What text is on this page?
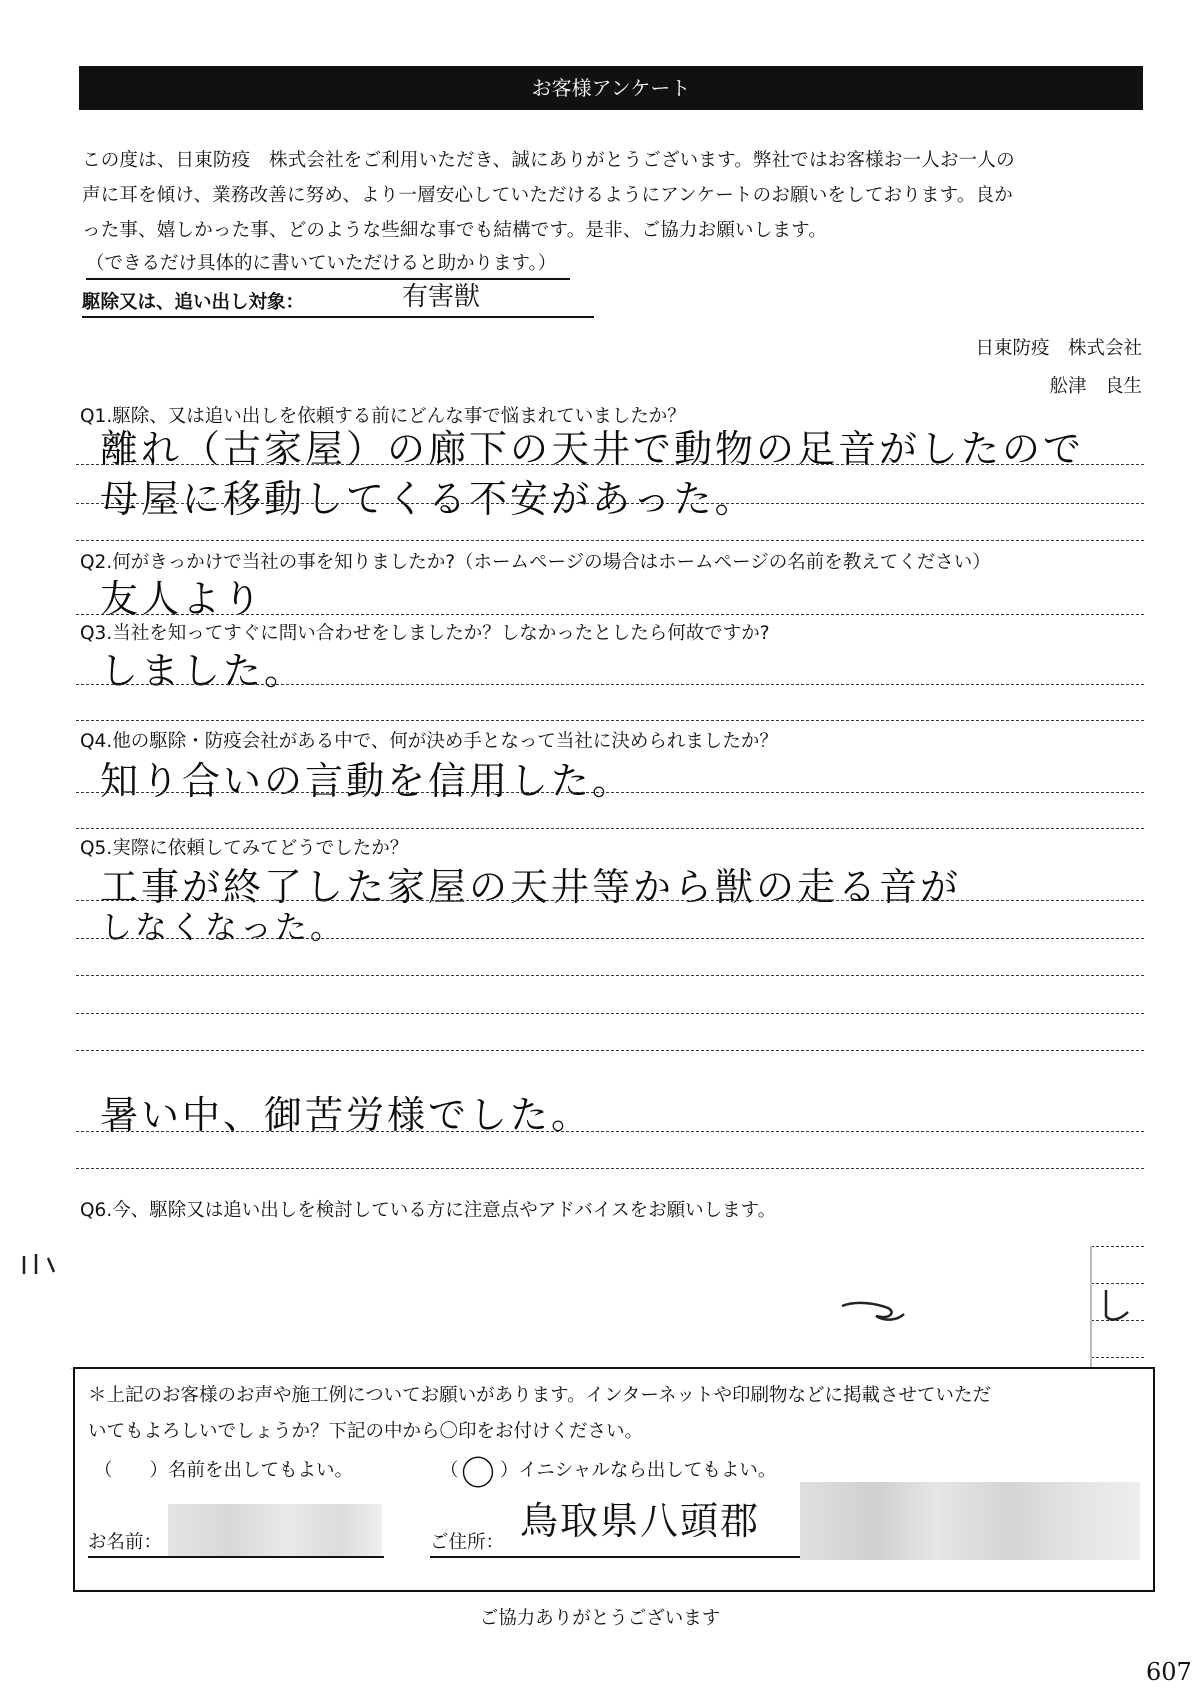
お客様アンケート
この度は、日東防疫　株式会社をご利用いただき、誠にありがとうございます。弊社ではお客様お一人お一人の
声に耳を傾け、業務改善に努め、より一層安心していただけるようにアンケートのお願いをしております。良か
った事、嬉しかった事、どのような些細な事でも結構です。是非、ご協力お願いします。
（できるだけ具体的に書いていただけると助かります。）
駆除又は、追い出し対象：	有害獣
日東防疫　株式会社
舩津　良生
Q1.駆除、又は追い出しを依頼する前にどんな事で悩まれていましたか？
離れ（古家屋）の廊下の天井で動物の足音がしたので
母屋に移動してくる不安があった。
Q2.何がきっかけで当社の事を知りましたか?（ホームページの場合はホームページの名前を教えてください）
友人より
Q3.当社を知ってすぐに問い合わせをしましたか？しなかったとしたら何故ですか?
しました。
Q4.他の駆除・防疫会社がある中で、何が決め手となって当社に決められましたか？
知り合いの言動を信用した。
Q5.実際に依頼してみてどうでしたか？
工事が終了した家屋の天井等から獣の走る音が
しなくなった。
暑い中、御苦労様でした。
Q6.今、駆除又は追い出しを検討している方に注意点やアドバイスをお願いします。
＊上記のお客様のお声や施工例についてお願いがあります。インターネットや印刷物などに掲載させていただ
いてもよろしいでしょうか？下記の中から〇印をお付けください。
（　　）名前を出してもよい。	（ 〇 ）イニシャルなら出してもよい。
お名前：	ご住所： 鳥取県八頭郡
ご協力ありがとうございます
607
